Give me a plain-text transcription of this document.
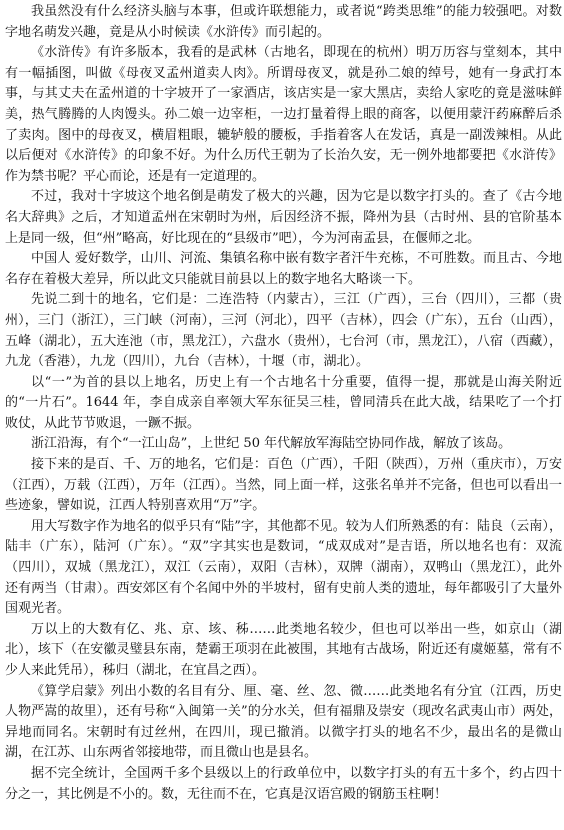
我虽然没有什么经济头脑与本事，但或许联想能力，或者说“跨类思维”的能力较强吧。对数字地名萌发兴趣，竟是从小时候读《水浒传》而引起的。

《水浒传》有许多版本，我看的是武林（古地名，即现在的杭州）明万历容与堂刻本，其中有一幅插图，叫做《母夜叉孟州道卖人肉》。所谓母夜叉，就是孙二娘的绰号，她有一身武打本事，与其丈夫在孟州道的十字坡开了一家酒店，该店实是一家大黑店，卖给人家吃的竟是滋味鲜美，热气腾腾的人肉馒头。孙二娘一边宰柜，一边打量着得上眼的商客，以便用蒙汗药麻醉后杀了卖肉。图中的母夜叉，横眉粗眼，辘轳般的腰板，手指着客人在发话，真是一副泼辣相。从此以后便对《水浒传》的印象不好。为什么历代王朝为了长治久安，无一例外地都要把《水浒传》作为禁书呢？平心而论，还是有一定道理的。

不过，我对十字坡这个地名倒是萌发了极大的兴趣，因为它是以数字打头的。查了《古今地名大辞典》之后，才知道孟州在宋朝时为州，后因经济不振，降州为县（古时州、县的官阶基本上是同一级，但“州”略高，好比现在的“县级市”吧），今为河南孟县，在偃师之北。

中国人 爱好数学，山川、河流、集镇名称中嵌有数字者汗牛充栋，不可胜数。而且古、今地名存在着极大差异，所以此文只能就目前县以上的数字地名大略谈一下。

先说二到十的地名，它们是：二连浩特（内蒙古），三江（广西），三台（四川），三都（贵州），三门（浙江），三门峡（河南），三河（河北），四平（吉林），四会（广东），五台（山西），五峰（湖北），五大连池（市，黑龙江），六盘水（贵州），七台河（市，黑龙江），八宿（西藏），九龙（香港），九龙（四川），九台（吉林），十堰（市，湖北）。

以“一”为首的县以上地名，历史上有一个古地名十分重要，值得一提，那就是山海关附近的“一片石”。1644 年，李自成亲自率领大军东征吴三桂，曾同清兵在此大战，结果吃了一个打败仗，从此节节败退，一蹶不振。

浙江沿海，有个“一江山岛”，上世纪 50 年代解放军海陆空协同作战，解放了该岛。

接下来的是百、千、万的地名，它们是：百色（广西），千阳（陕西），万州（重庆市），万安（江西），万载（江西），万年（江西）。当然，同上面一样，这张名单并不完备，但也可以看出一些迹象，譬如说，江西人特别喜欢用“万”字。

用大写数字作为地名的似乎只有“陆”字，其他都不见。较为人们所熟悉的有：陆良（云南），陆丰（广东），陆河（广东）。“双”字其实也是数词，“成双成对”是吉语，所以地名也有：双流（四川），双城（黑龙江），双江（云南），双阳（吉林），双牌（湖南），双鸭山（黑龙江），此外还有两当（甘肃）。西安郊区有个名闻中外的半坡村，留有史前人类的遗址，每年都吸引了大量外国观光者。

万以上的大数有亿、兆、京、垓、秭……此类地名较少，但也可以举出一些，如京山（湖北），垓下（在安徽灵璧县东南，楚霸王项羽在此被围，其地有古战场，附近还有虞姬墓，常有不少人来此凭吊），秭归（湖北，在宜昌之西）。

《算学启蒙》列出小数的名目有分、厘、毫、丝、忽、微……此类地名有分宜（江西，历史人物严嵩的故里），还有号称“入闽第一关”的分水关，但有福鼎及崇安（现改名武夷山市）两处，异地而同名。宋朝时有过丝州，在四川，现已撤消。以微字打头的地名不少，最出名的是微山湖，在江苏、山东两省邻接地带，而且微山也是县名。

据不完全统计，全国两千多个县级以上的行政单位中，以数字打头的有五十多个，约占四十分之一，其比例是不小的。数，无往而不在，它真是汉语宫殿的钢筋玉柱啊！
